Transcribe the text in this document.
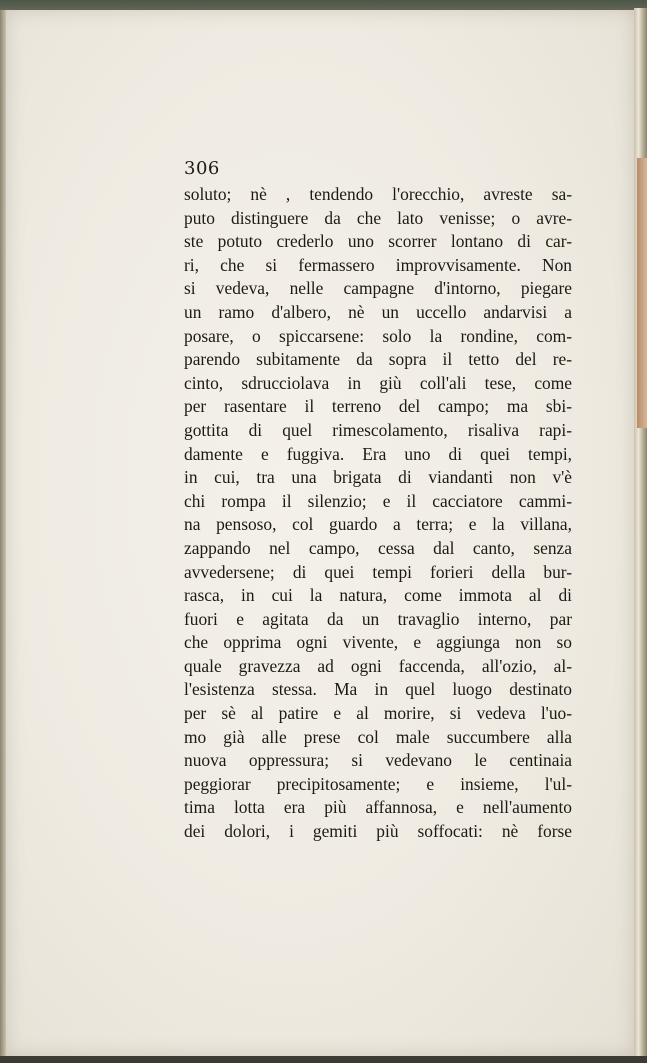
306
soluto; nè , tendendo l'orecchio, avreste sa-
puto distinguere da che lato venisse; o avre-
ste potuto crederlo uno scorrer lontano di car-
ri, che si fermassero improvvisamente. Non
si vedeva, nelle campagne d'intorno, piegare
un ramo d'albero, nè un uccello andarvisi a
posare, o spiccarsene: solo la rondine, com-
parendo subitamente da sopra il tetto del re-
cinto, sdrucciolava in giù coll'ali tese, come
per rasentare il terreno del campo; ma sbi-
gottita di quel rimescolamento, risaliva rapi-
damente e fuggiva. Era uno di quei tempi,
in cui, tra una brigata di viandanti non v'è
chi rompa il silenzio; e il cacciatore cammi-
na pensoso, col guardo a terra; e la villana,
zappando nel campo, cessa dal canto, senza
avvedersene; di quei tempi forieri della bur-
rasca, in cui la natura, come immota al di
fuori e agitata da un travaglio interno, par
che opprima ogni vivente, e aggiunga non so
quale gravezza ad ogni faccenda, all'ozio, al-
l'esistenza stessa. Ma in quel luogo destinato
per sè al patire e al morire, si vedeva l'uo-
mo già alle prese col male succumbere alla
nuova oppressura; si vedevano le centinaia
peggiorar precipitosamente; e insieme, l'ul-
tima lotta era più affannosa, e nell'aumento
dei dolori, i gemiti più soffocati: nè forse
